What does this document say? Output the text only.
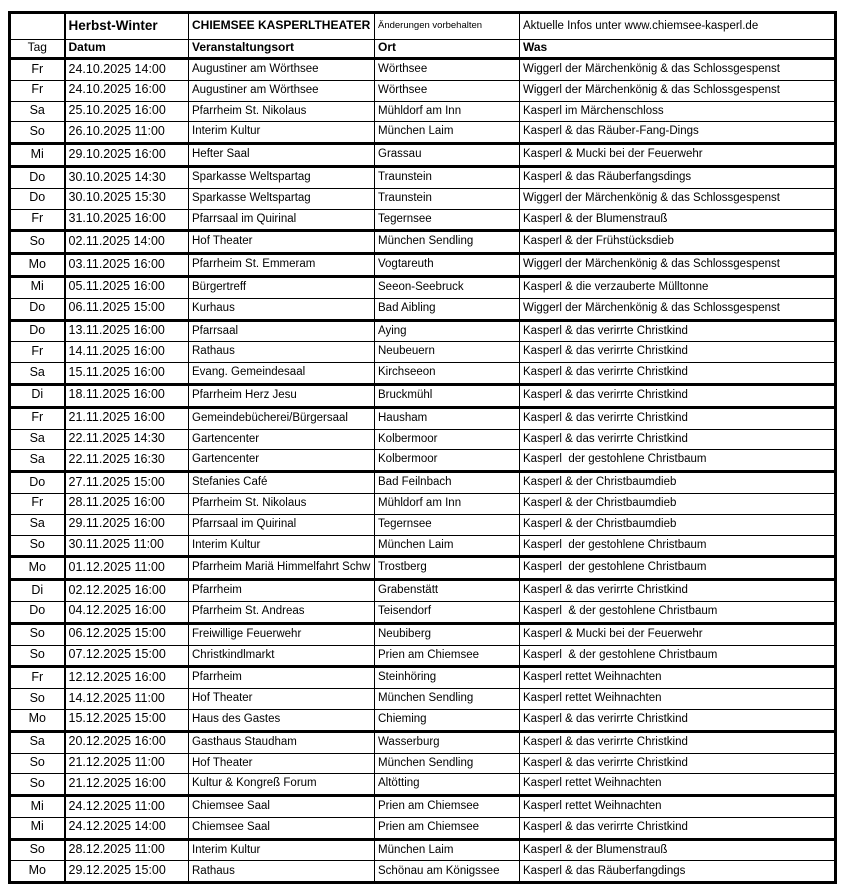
	Herbst-Winter	CHIEMSEE KASPERLTHEATER	Änderungen vorbehalten	Aktuelle Infos unter www.chiemsee-kasperl.de
Tag	Datum	Veranstaltungsort	Ort	Was
Fr	24.10.2025 14:00	Augustiner am Wörthsee	Wörthsee	Wiggerl der Märchenkönig & das Schlossgespenst
Fr	24.10.2025 16:00	Augustiner am Wörthsee	Wörthsee	Wiggerl der Märchenkönig & das Schlossgespenst
Sa	25.10.2025 16:00	Pfarrheim St. Nikolaus	Mühldorf am Inn	Kasperl im Märchenschloss
So	26.10.2025 11:00	Interim Kultur	München Laim	Kasperl & das Räuber-Fang-Dings
Mi	29.10.2025 16:00	Hefter Saal	Grassau	Kasperl & Mucki bei der Feuerwehr
Do	30.10.2025 14:30	Sparkasse Weltspartag	Traunstein	Kasperl & das Räuberfangsdings
Do	30.10.2025 15:30	Sparkasse Weltspartag	Traunstein	Wiggerl der Märchenkönig & das Schlossgespenst
Fr	31.10.2025 16:00	Pfarrsaal im Quirinal	Tegernsee	Kasperl & der Blumenstrauß
So	02.11.2025 14:00	Hof Theater	München Sendling	Kasperl & der Frühstücksdieb
Mo	03.11.2025 16:00	Pfarrheim St. Emmeram	Vogtareuth	Wiggerl der Märchenkönig & das Schlossgespenst
Mi	05.11.2025 16:00	Bürgertreff	Seeon-Seebruck	Kasperl & die verzauberte Mülltonne
Do	06.11.2025 15:00	Kurhaus	Bad Aibling	Wiggerl der Märchenkönig & das Schlossgespenst
Do	13.11.2025 16:00	Pfarrsaal	Aying	Kasperl & das verirrte Christkind
Fr	14.11.2025 16:00	Rathaus	Neubeuern	Kasperl & das verirrte Christkind
Sa	15.11.2025 16:00	Evang. Gemeindesaal	Kirchseeon	Kasperl & das verirrte Christkind
Di	18.11.2025 16:00	Pfarrheim Herz Jesu	Bruckmühl	Kasperl & das verirrte Christkind
Fr	21.11.2025 16:00	Gemeindebücherei/Bürgersaal	Hausham	Kasperl & das verirrte Christkind
Sa	22.11.2025 14:30	Gartencenter	Kolbermoor	Kasperl & das verirrte Christkind
Sa	22.11.2025 16:30	Gartencenter	Kolbermoor	Kasperl  der gestohlene Christbaum
Do	27.11.2025 15:00	Stefanies Café	Bad Feilnbach	Kasperl & der Christbaumdieb
Fr	28.11.2025 16:00	Pfarrheim St. Nikolaus	Mühldorf am Inn	Kasperl & der Christbaumdieb
Sa	29.11.2025 16:00	Pfarrsaal im Quirinal	Tegernsee	Kasperl & der Christbaumdieb
So	30.11.2025 11:00	Interim Kultur	München Laim	Kasperl  der gestohlene Christbaum
Mo	01.12.2025 11:00	Pfarrheim Mariä Himmelfahrt Schw	Trostberg	Kasperl  der gestohlene Christbaum
Di	02.12.2025 16:00	Pfarrheim	Grabenstätt	Kasperl & das verirrte Christkind
Do	04.12.2025 16:00	Pfarrheim St. Andreas	Teisendorf	Kasperl  & der gestohlene Christbaum
So	06.12.2025 15:00	Freiwillige Feuerwehr	Neubiberg	Kasperl & Mucki bei der Feuerwehr
So	07.12.2025 15:00	Christkindlmarkt	Prien am Chiemsee	Kasperl  & der gestohlene Christbaum
Fr	12.12.2025 16:00	Pfarrheim	Steinhöring	Kasperl rettet Weihnachten
So	14.12.2025 11:00	Hof Theater	München Sendling	Kasperl rettet Weihnachten
Mo	15.12.2025 15:00	Haus des Gastes	Chieming	Kasperl & das verirrte Christkind
Sa	20.12.2025 16:00	Gasthaus Staudham	Wasserburg	Kasperl & das verirrte Christkind
So	21.12.2025 11:00	Hof Theater	München Sendling	Kasperl & das verirrte Christkind
So	21.12.2025 16:00	Kultur & Kongreß Forum	Altötting	Kasperl rettet Weihnachten
Mi	24.12.2025 11:00	Chiemsee Saal	Prien am Chiemsee	Kasperl rettet Weihnachten
Mi	24.12.2025 14:00	Chiemsee Saal	Prien am Chiemsee	Kasperl & das verirrte Christkind
So	28.12.2025 11:00	Interim Kultur	München Laim	Kasperl & der Blumenstrauß
Mo	29.12.2025 15:00	Rathaus	Schönau am Königssee	Kasperl & das Räuberfangdings
